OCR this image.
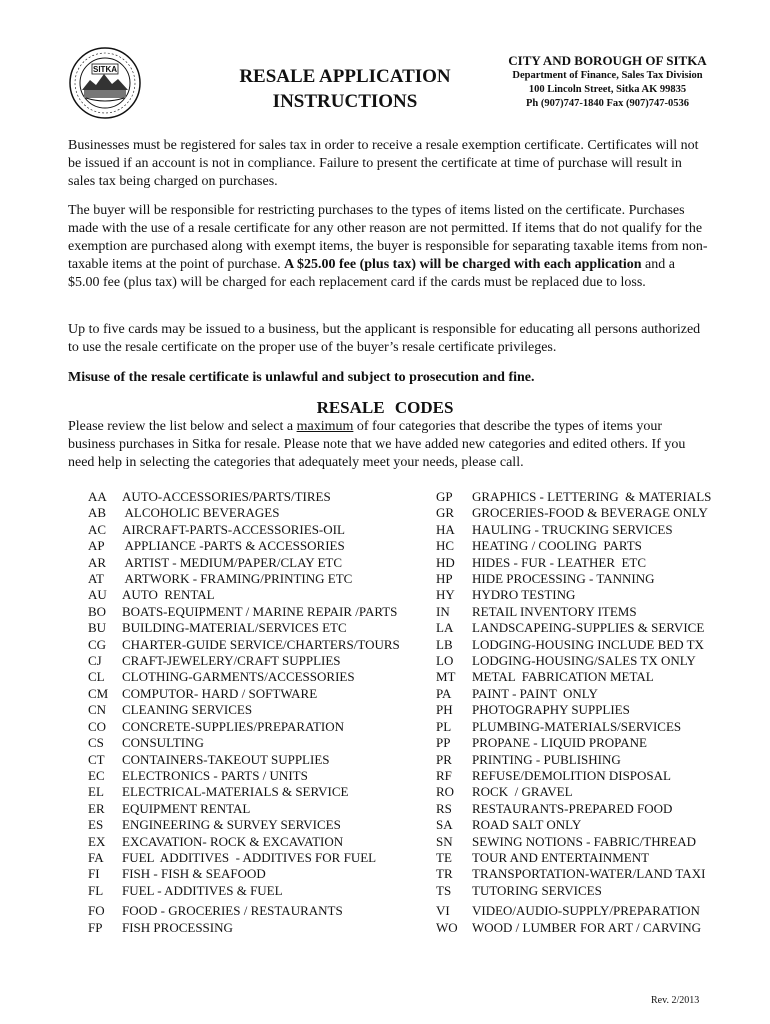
SITKA	RESALE APPLICATION
INSTRUCTIONS
CITY AND BOROUGH OF SITKA
Department of Finance, Sales Tax Division
100 Lincoln Street, Sitka AK 99835
Ph (907)747-1840 Fax (907)747-0536
Businesses must be registered for sales tax in order to receive a resale exemption certificate. Certificates will not be issued if an account is not in compliance. Failure to present the certificate at time of purchase will result in sales tax being charged on purchases.
The buyer will be responsible for restricting purchases to the types of items listed on the certificate. Purchases made with the use of a resale certificate for any other reason are not permitted. If items that do not qualify for the exemption are purchased along with exempt items, the buyer is responsible for separating taxable items from non-taxable items at the point of purchase. A $25.00 fee (plus tax) will be charged with each application and a $5.00 fee (plus tax) will be charged for each replacement card if the cards must be replaced due to loss.
Up to five cards may be issued to a business, but the applicant is responsible for educating all persons authorized to use the resale certificate on the proper use of the buyer’s resale certificate privileges.
Misuse of the resale certificate is unlawful and subject to prosecution and fine.
RESALE CODES
Please review the list below and select a maximum of four categories that describe the types of items your business purchases in Sitka for resale. Please note that we have added new categories and edited others. If you need help in selecting the categories that adequately meet your needs, please call.
AA	AUTO-ACCESSORIES/PARTS/TIRES
AB	ALCOHOLIC BEVERAGES
AC	AIRCRAFT-PARTS-ACCESSORIES-OIL
AP	APPLIANCE -PARTS & ACCESSORIES
AR	ARTIST - MEDIUM/PAPER/CLAY ETC
AT	ARTWORK - FRAMING/PRINTING ETC
AU	AUTO  RENTAL
BO	BOATS-EQUIPMENT / MARINE REPAIR /PARTS
BU	BUILDING-MATERIAL/SERVICES ETC
CG	CHARTER-GUIDE SERVICE/CHARTERS/TOURS
CJ	CRAFT-JEWELERY/CRAFT SUPPLIES
CL	CLOTHING-GARMENTS/ACCESSORIES
CM	COMPUTOR- HARD / SOFTWARE
CN	CLEANING SERVICES
CO	CONCRETE-SUPPLIES/PREPARATION
CS	CONSULTING
CT	CONTAINERS-TAKEOUT SUPPLIES
EC	ELECTRONICS - PARTS / UNITS
EL	ELECTRICAL-MATERIALS & SERVICE
ER	EQUIPMENT RENTAL
ES	ENGINEERING & SURVEY SERVICES
EX	EXCAVATION- ROCK & EXCAVATION
FA	FUEL  ADDITIVES  - ADDITIVES FOR FUEL
FI	FISH - FISH & SEAFOOD
FL	FUEL - ADDITIVES & FUEL
FO	FOOD - GROCERIES / RESTAURANTS
FP	FISH PROCESSING
GP	GRAPHICS - LETTERING  & MATERIALS
GR	GROCERIES-FOOD & BEVERAGE ONLY
HA	HAULING - TRUCKING SERVICES
HC	HEATING / COOLING  PARTS
HD	HIDES - FUR - LEATHER  ETC
HP	HIDE PROCESSING - TANNING
HY	HYDRO TESTING
IN	RETAIL INVENTORY ITEMS
LA	LANDSCAPEING-SUPPLIES & SERVICE
LB	LODGING-HOUSING INCLUDE BED TX
LO	LODGING-HOUSING/SALES TX ONLY
MT	METAL  FABRICATION METAL
PA	PAINT - PAINT  ONLY
PH	PHOTOGRAPHY SUPPLIES
PL	PLUMBING-MATERIALS/SERVICES
PP	PROPANE - LIQUID PROPANE
PR	PRINTING - PUBLISHING
RF	REFUSE/DEMOLITION DISPOSAL
RO	ROCK  / GRAVEL
RS	RESTAURANTS-PREPARED FOOD
SA	ROAD SALT ONLY
SN	SEWING NOTIONS - FABRIC/THREAD
TE	TOUR AND ENTERTAINMENT
TR	TRANSPORTATION-WATER/LAND TAXI
TS	TUTORING SERVICES
VI	VIDEO/AUDIO-SUPPLY/PREPARATION
WO	WOOD / LUMBER FOR ART / CARVING
Rev. 2/2013
